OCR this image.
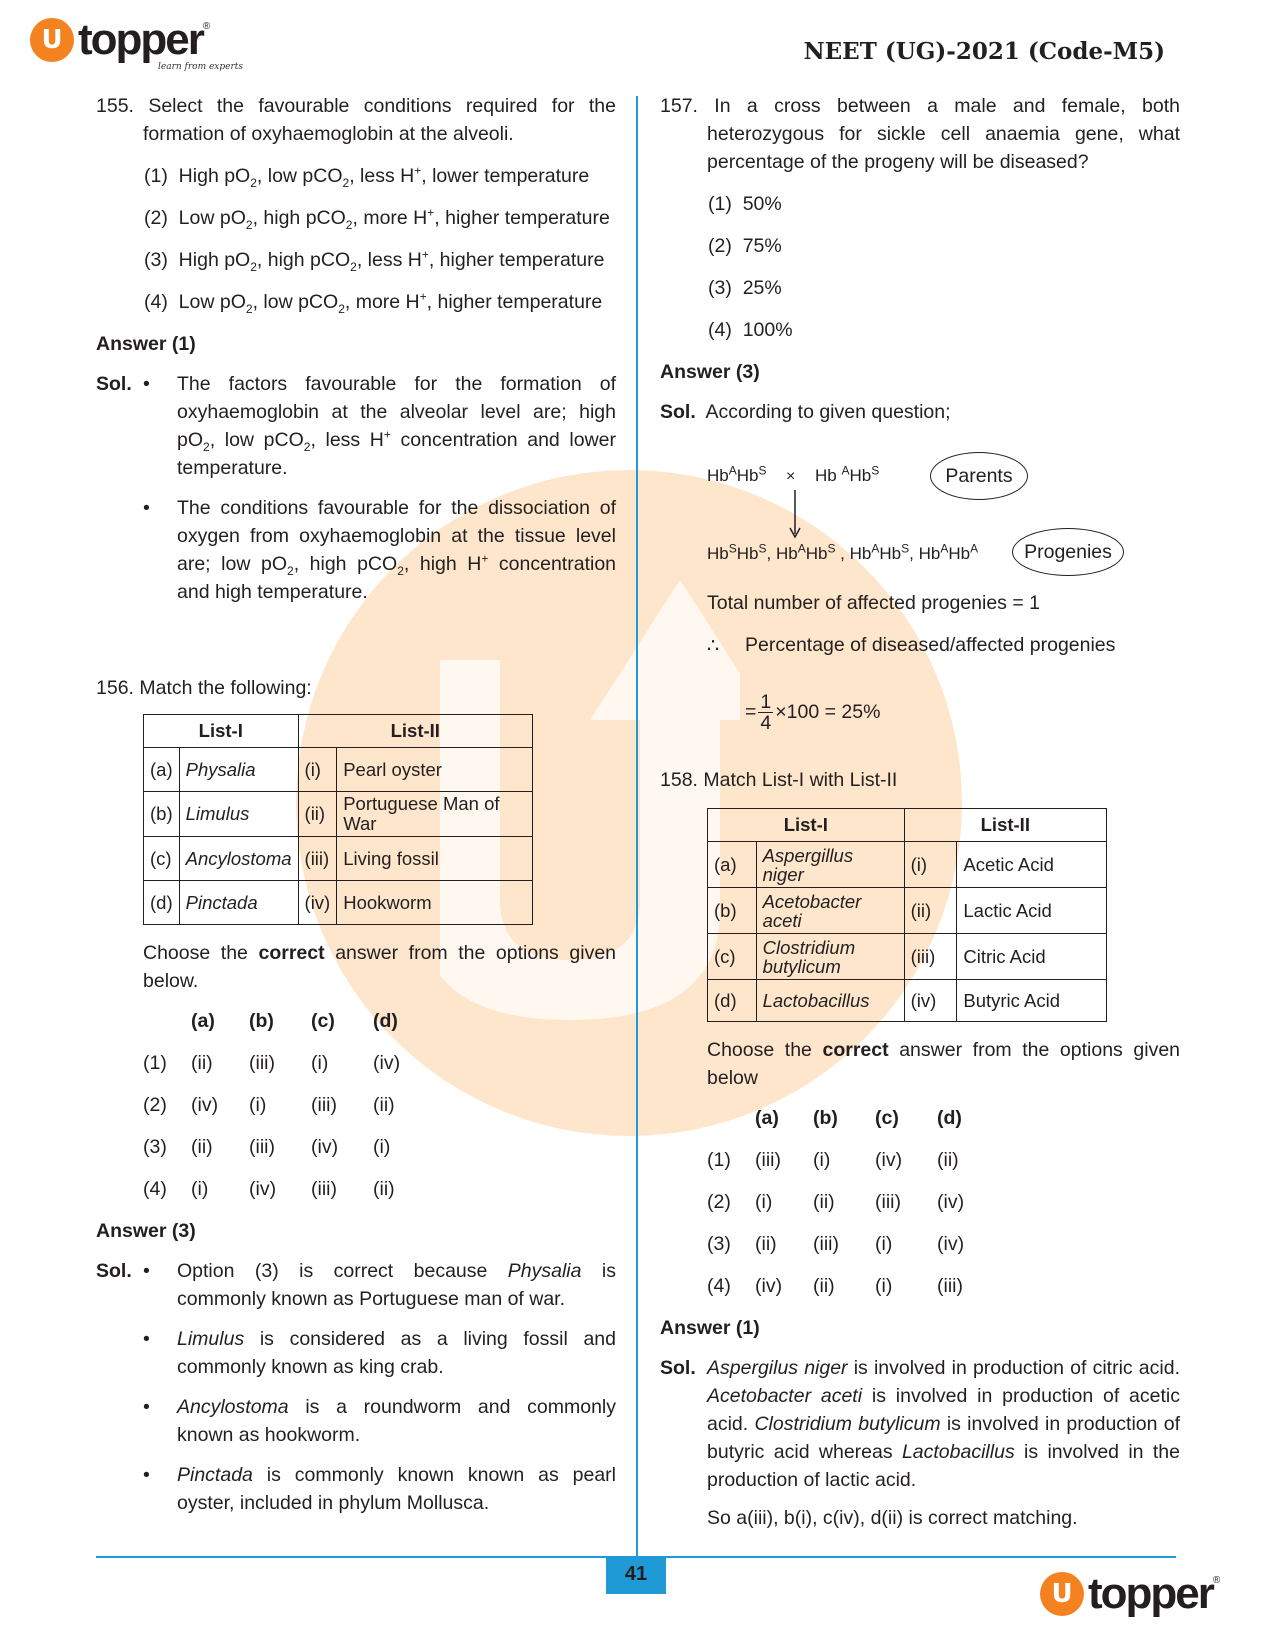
U topper ®
learn from experts
NEET (UG)-2021 (Code-M5)
41
U topper ®
155. Select the favourable conditions required for the formation of oxyhaemoglobin at the alveoli.
(1)  High $pO_2$, low pCO$_2$, less H+, lower temperature
(2)  Low $pO_2$, high pCO$_2$, more H+, higher temperature
(3)  High $pO_2$, high pCO$_2$, less H+, higher temperature
(4)  Low $pO_2$, low pCO$_2$, more H+, higher temperature
Answer (1)
Sol. •	The factors favourable for the formation of oxyhaemoglobin at the alveolar level are; high $pO_2$, low pCO$_2$, less H+ concentration and lower temperature.
•	The conditions favourable for the dissociation of oxygen from oxyhaemoglobin at the tissue level are; low $pO_2$, high pCO$_2$, high H+ concentration and high temperature.
156. Match the following:
List-I		List-II	
(a)	Physalia	(i)	Pearl oyster
(b)	Limulus	(ii)	Portuguese Man of War
(c)	Ancylostoma	(iii)	Living fossil
(d)	Pinctada	(iv)	Hookworm
Choose the correct answer from the options given below.
(a)	(b)	(c)	(d)
(1)	(ii)	(iii)	(i)	(iv)
(2)	(iv)	(i)	(iii)	(ii)
(3)	(ii)	(iii)	(iv)	(i)
(4)	(i)	(iv)	(iii)	(ii)
Answer (3)
Sol. •	Option (3) is correct because Physalia is commonly known as Portuguese man of war.
•	Limulus is considered as a living fossil and commonly known as king crab.
•	Ancylostoma is a roundworm and commonly known as hookworm.
•	Pinctada is commonly known known as pearl oyster, included in phylum Mollusca.
157. In a cross between a male and female, both heterozygous for sickle cell anaemia gene, what percentage of the progeny will be diseased?
(1) 50%
(2) 75%
(3) 25%
(4) 100%
Answer (3)
Sol. According to given question;
$Hb^AHb^S \times Hb$ $^AHb^S$	Parents
$Hb^SHb^S$, $Hb^AHb^S$ , $Hb^AHb^S$, $Hb^AHb^A$	Progenies
Total number of affected progenies = 1
∴ Percentage of diseased/affected progenies
= $\frac{1}{4} \times 100 = 25\%$
158. Match List-I with List-II
List-I		List-II	
(a)	Aspergillus niger	(i)	Acetic Acid
(b)	Acetobacter aceti	(ii)	Lactic Acid
(c)	Clostridium butylicum	(iii)	Citric Acid
(d)	Lactobacillus	(iv)	Butyric Acid
Choose the correct answer from the options given below
(a)	(b)	(c)	(d)
(1)	(iii)	(i)	(iv)	(ii)
(2)	(i)	(ii)	(iii)	(iv)
(3)	(ii)	(iii)	(i)	(iv)
(4)	(iv)	(ii)	(i)	(iii)
Answer (1)
Sol. Aspergilus niger is involved in production of citric acid. Acetobacter aceti is involved in production of acetic acid. Clostridium butylicum is involved in production of butyric acid whereas Lactobacillus is involved in the production of lactic acid.
So a(iii), b(i), c(iv), d(ii) is correct matching.
